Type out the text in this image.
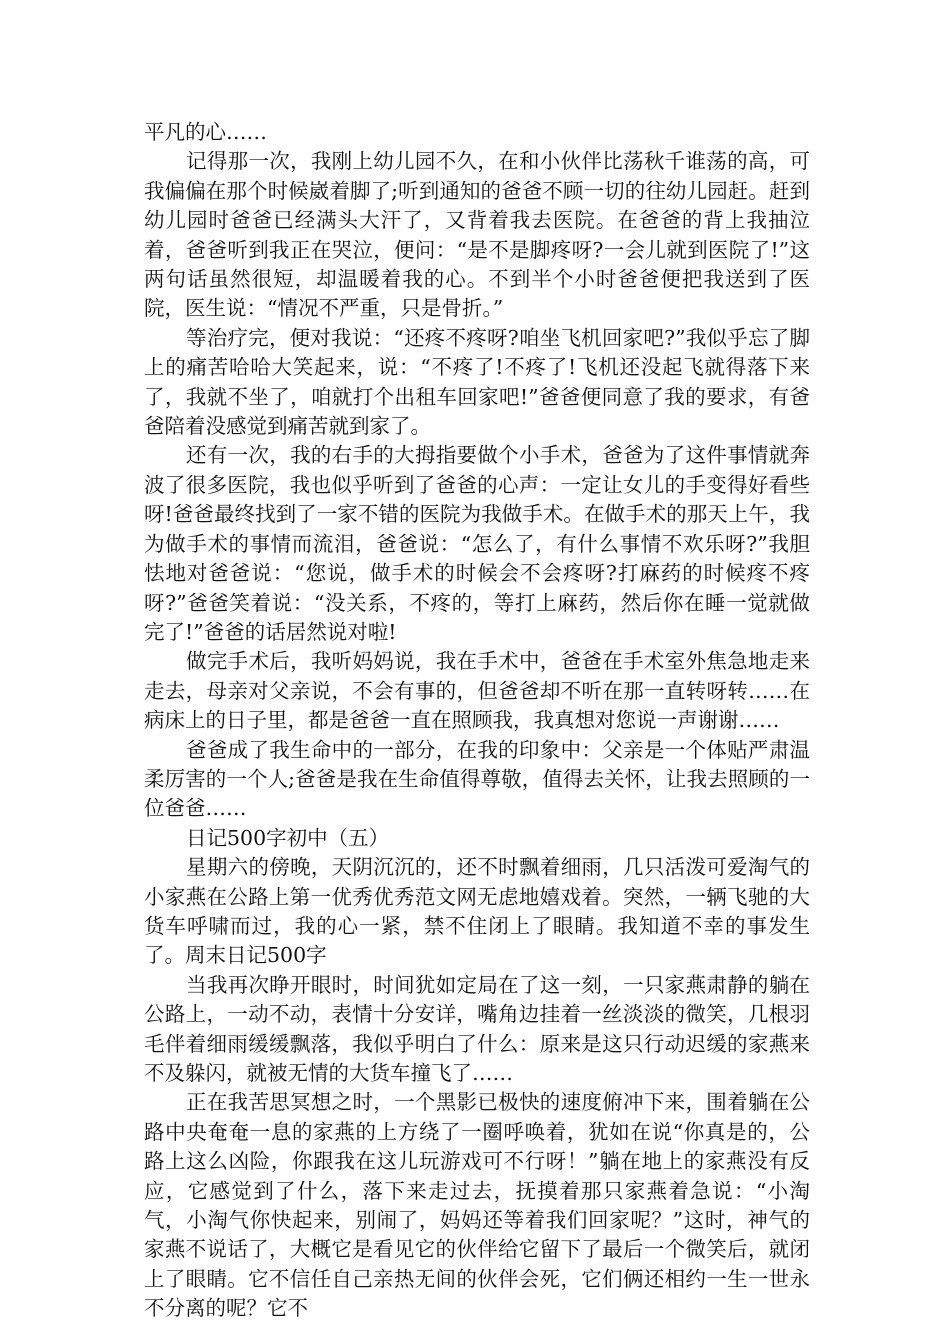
平凡的心……

记得那一次，我刚上幼儿园不久，在和小伙伴比荡秋千谁荡的高，可我偏偏在那个时候崴着脚了;听到通知的爸爸不顾一切的往幼儿园赶。赶到幼儿园时爸爸已经满头大汗了，又背着我去医院。在爸爸的背上我抽泣着，爸爸听到我正在哭泣，便问：“是不是脚疼呀?一会儿就到医院了!”这两句话虽然很短，却温暖着我的心。不到半个小时爸爸便把我送到了医院，医生说：“情况不严重，只是骨折。”

等治疗完，便对我说：“还疼不疼呀?咱坐飞机回家吧?”我似乎忘了脚上的痛苦哈哈大笑起来，说：“不疼了!不疼了!飞机还没起飞就得落下来了，我就不坐了，咱就打个出租车回家吧!”爸爸便同意了我的要求，有爸爸陪着没感觉到痛苦就到家了。

还有一次，我的右手的大拇指要做个小手术，爸爸为了这件事情就奔波了很多医院，我也似乎听到了爸爸的心声：一定让女儿的手变得好看些呀!爸爸最终找到了一家不错的医院为我做手术。在做手术的那天上午，我为做手术的事情而流泪，爸爸说：“怎么了，有什么事情不欢乐呀?”我胆怯地对爸爸说：“您说，做手术的时候会不会疼呀?打麻药的时候疼不疼呀?”爸爸笑着说：“没关系，不疼的，等打上麻药，然后你在睡一觉就做完了!”爸爸的话居然说对啦!

做完手术后，我听妈妈说，我在手术中，爸爸在手术室外焦急地走来走去，母亲对父亲说，不会有事的，但爸爸却不听在那一直转呀转……在病床上的日子里，都是爸爸一直在照顾我，我真想对您说一声谢谢……

爸爸成了我生命中的一部分，在我的印象中：父亲是一个体贴严肃温柔厉害的一个人;爸爸是我在生命值得尊敬，值得去关怀，让我去照顾的一位爸爸……

日记500字初中（五）

星期六的傍晚，天阴沉沉的，还不时飘着细雨，几只活泼可爱淘气的小家燕在公路上第一优秀优秀范文网无虑地嬉戏着。突然，一辆飞驰的大货车呼啸而过，我的心一紧，禁不住闭上了眼睛。我知道不幸的事发生了。周末日记500字

当我再次睁开眼时，时间犹如定局在了这一刻，一只家燕肃静的躺在公路上，一动不动，表情十分安详，嘴角边挂着一丝淡淡的微笑，几根羽毛伴着细雨缓缓飘落，我似乎明白了什么：原来是这只行动迟缓的家燕来不及躲闪，就被无情的大货车撞飞了……

正在我苦思冥想之时，一个黑影已极快的速度俯冲下来，围着躺在公路中央奄奄一息的家燕的上方绕了一圈呼唤着，犹如在说“你真是的，公路上这么凶险，你跟我在这儿玩游戏可不行呀！”躺在地上的家燕没有反应，它感觉到了什么，落下来走过去，抚摸着那只家燕着急说：“小淘气，小淘气你快起来，别闹了，妈妈还等着我们回家呢？”这时，神气的家燕不说话了，大概它是看见它的伙伴给它留下了最后一个微笑后，就闭上了眼睛。它不信任自己亲热无间的伙伴会死，它们俩还相约一生一世永不分离的呢？它不
